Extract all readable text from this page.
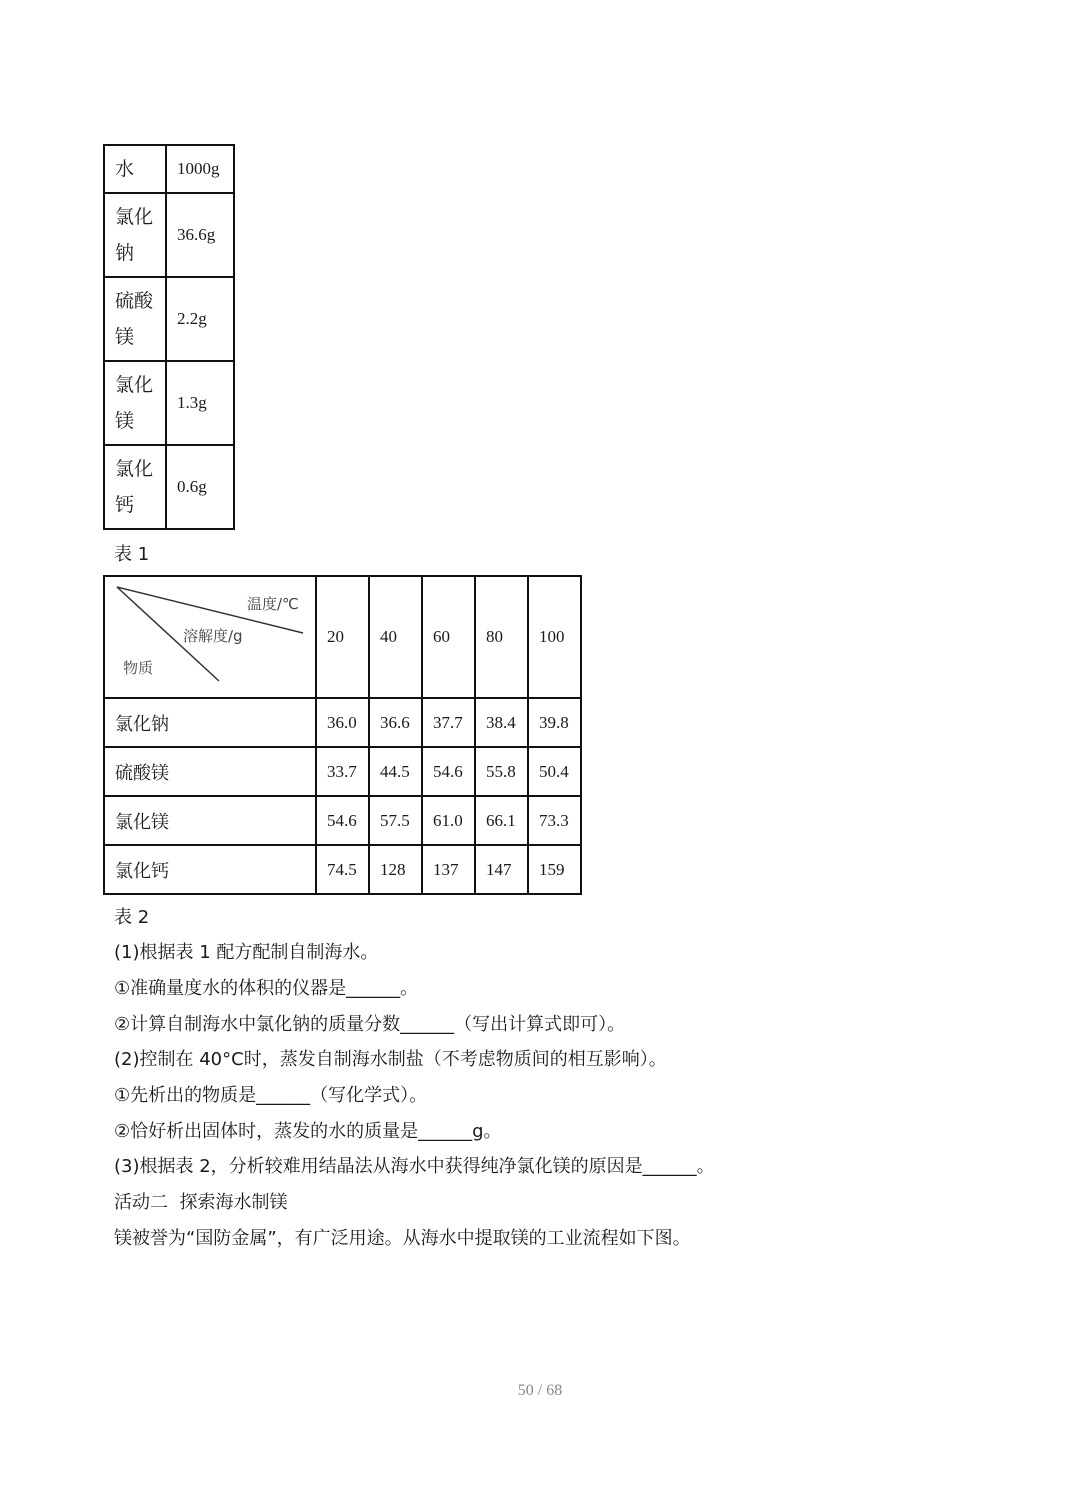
水	1000g

氯化
钠	36.6g

硫酸
镁	2.2g

氯化
镁	1.3g

氯化
钙	0.6g
表 1
温度/℃
溶解度/g
物质	20	40	60	80	100
氯化钠	36.0	36.6	37.7	38.4	39.8
硫酸镁	33.7	44.5	54.6	55.8	50.4
氯化镁	54.6	57.5	61.0	66.1	73.3
氯化钙	74.5	128	137	147	159
表 2
(1)根据表 1 配方配制自制海水。
①准确量度水的体积的仪器是______。
②计算自制海水中氯化钠的质量分数______（写出计算式即可）。
(2)控制在 40°C时，蒸发自制海水制盐（不考虑物质间的相互影响）。
①先析出的物质是______（写化学式）。
②恰好析出固体时，蒸发的水的质量是______g。
(3)根据表 2，分析较难用结晶法从海水中获得纯净氯化镁的原因是______。
活动二  探索海水制镁
镁被誉为“国防金属”，有广泛用途。从海水中提取镁的工业流程如下图。
50 / 68
